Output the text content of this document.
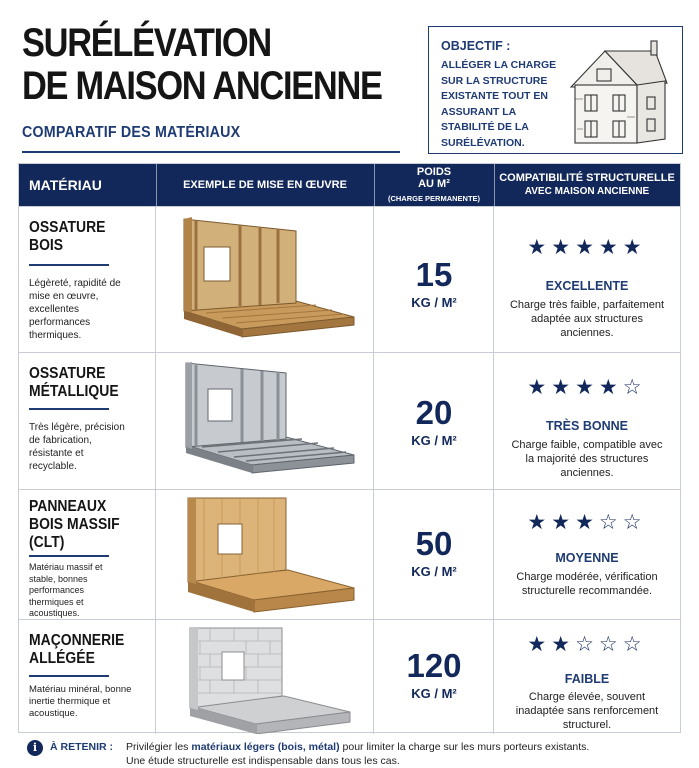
SURÉLÉVATION
DE MAISON ANCIENNE
COMPARATIF DES MATÉRIAUX
OBJECTIF :
ALLÉGER LA CHARGE SUR LA STRUCTURE EXISTANTE TOUT EN ASSURANT LA STABILITÉ DE LA SURÉLÉVATION.
MATÉRIAU	EXEMPLE DE MISE EN ŒUVRE
POIDS
AU M²
(CHARGE PERMANENTE)
COMPATIBILITÉ STRUCTURELLE
AVEC MAISON ANCIENNE
OSSATURE BOIS
Légèreté, rapidité de mise en œuvre, excellentes performances thermiques.
15
KG / M²
★★★★★
EXCELLENTE
Charge très faible, parfaitement adaptée aux structures anciennes.
OSSATURE MÉTALLIQUE
Très légère, précision de fabrication, résistante et recyclable.
20
KG / M²
★★★★☆
TRÈS BONNE
Charge faible, compatible avec la majorité des structures anciennes.
PANNEAUX BOIS MASSIF (CLT)
Matériau massif et stable, bonnes performances thermiques et acoustiques.
50
KG / M²
★★★☆☆
MOYENNE
Charge modérée, vérification structurelle recommandée.
MAÇONNERIE ALLÉGÉE
Matériau minéral, bonne inertie thermique et acoustique.
120
KG / M²
★★☆☆☆
FAIBLE
Charge élevée, souvent inadaptée sans renforcement structurel.
i	À RETENIR : Privilégier les matériaux légers (bois, métal) pour limiter la charge sur les murs porteurs existants.
Une étude structurelle est indispensable dans tous les cas.
